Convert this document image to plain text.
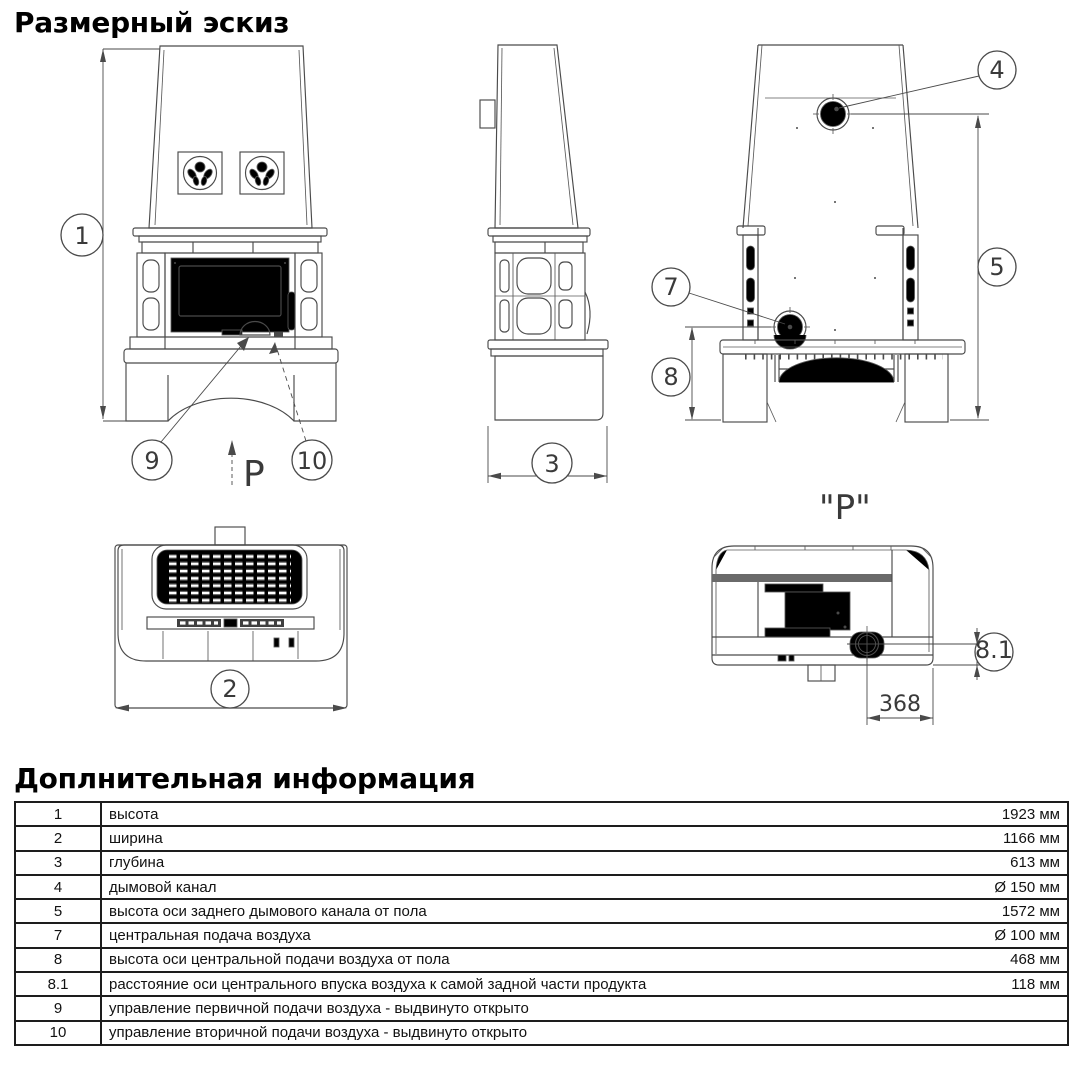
Размерный эскиз
1
9	10
P	3
4
5
7
8
"P"
2
8.1
368
Доплнительная информация
1	высота	1923 мм
2	ширина	1166 мм
3	глубина	613 мм
4	дымовой канал	Ø 150 мм
5	высота оси заднего дымового канала от пола	1572 мм
7	центральная подача воздуха	Ø 100 мм
8	высота оси центральной подачи воздуха от пола	468 мм
8.1	расстояние оси центрального впуска воздуха к самой задной части продукта	118 мм
9	управление первичной подачи воздуха - выдвинуто открыто	
10	управление вторичной подачи воздуха - выдвинуто открыто	
